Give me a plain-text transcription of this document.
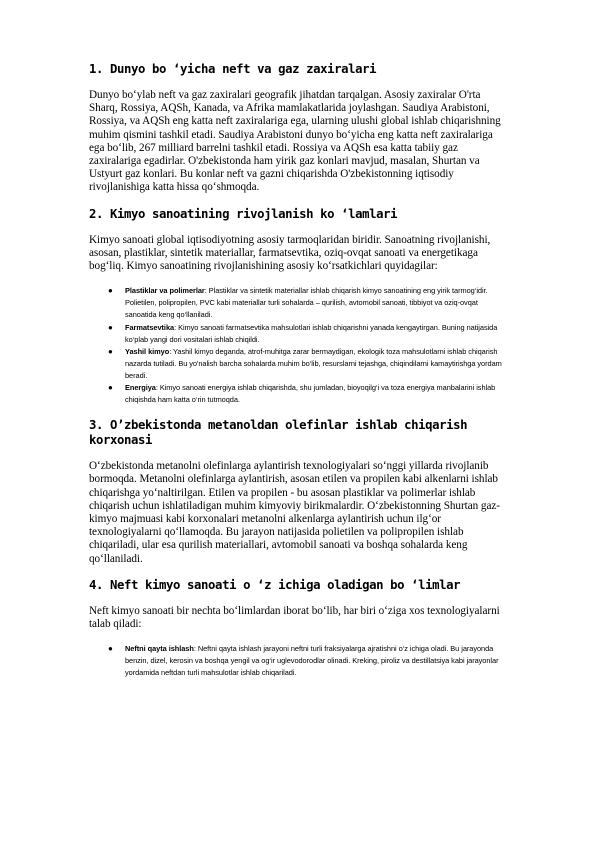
1. Dunyo bo ‘yicha neft va gaz zaxiralari

Dunyo bo‘ylab neft va gaz zaxiralari geografik jihatdan tarqalgan. Asosiy zaxiralar O'rta Sharq, Rossiya, AQSh, Kanada, va Afrika mamlakatlarida joylashgan. Saudiya Arabistoni, Rossiya, va AQSh eng katta neft zaxiralariga ega, ularning ulushi global ishlab chiqarishning muhim qismini tashkil etadi. Saudiya Arabistoni dunyo bo‘yicha eng katta neft zaxiralariga ega bo‘lib, 267 milliard barrelni tashkil etadi. Rossiya va AQSh esa katta tabiiy gaz zaxiralariga egadirlar. O'zbekistonda ham yirik gaz konlari mavjud, masalan, Shurtan va Ustyurt gaz konlari. Bu konlar neft va gazni chiqarishda O'zbekistonning iqtisodiy rivojlanishiga katta hissa qo‘shmoqda.

2. Kimyo sanoatining rivojlanish ko ‘lamlari

Kimyo sanoati global iqtisodiyotning asosiy tarmoqlaridan biridir. Sanoatning rivojlanishi, asosan, plastiklar, sintetik materiallar, farmatsevtika, oziq-ovqat sanoati va energetikaga bog‘liq. Kimyo sanoatining rivojlanishining asosiy ko‘rsatkichlari quyidagilar:

● Plastiklar va polimerlar: Plastiklar va sintetik materiallar ishlab chiqarish kimyo sanoatining eng yirik tarmog‘idir. Polietilen, polipropilen, PVC kabi materiallar turli sohalarda – qurilish, avtomobil sanoati, tibbiyot va oziq-ovqat sanoatida keng qo‘llaniladi.
● Farmatsevtika: Kimyo sanoati farmatsevtika mahsulotlari ishlab chiqarishni yanada kengaytirgan. Buning natijasida ko‘plab yangi dori vositalari ishlab chiqildi.
● Yashil kimyo: Yashil kimyo deganda, atrof-muhitga zarar bermaydigan, ekologik toza mahsulotlarni ishlab chiqarish nazarda tutiladi. Bu yo'nalish barcha sohalarda muhim bo‘lib, resurslarni tejashga, chiqindilarni kamaytirishga yordam beradi.
● Energiya: Kimyo sanoati energiya ishlab chiqarishda, shu jumladan, bioyoqilg‘i va toza energiya manbalarini ishlab chiqishda ham katta o‘rin tutmoqda.
3. O’zbekistonda metanoldan olefinlar ishlab chiqarish korxonasi

O‘zbekistonda metanolni olefinlarga aylantirish texnologiyalari so‘nggi yillarda rivojlanib bormoqda. Metanolni olefinlarga aylantirish, asosan etilen va propilen kabi alkenlarni ishlab chiqarishga yo‘naltirilgan. Etilen va propilen - bu asosan plastiklar va polimerlar ishlab chiqarish uchun ishlatiladigan muhim kimyoviy birikmalardir. O‘zbekistonning Shurtan gaz-kimyo majmuasi kabi korxonalari metanolni alkenlarga aylantirish uchun ilg‘or texnologiyalarni qo‘llamoqda. Bu jarayon natijasida polietilen va polipropilen ishlab chiqariladi, ular esa qurilish materiallari, avtomobil sanoati va boshqa sohalarda keng qo‘llaniladi.

4. Neft kimyo sanoati o ‘z ichiga oladigan bo ‘limlar

Neft kimyo sanoati bir nechta bo‘limlardan iborat bo‘lib, har biri o‘ziga xos texnologiyalarni talab qiladi:

● Neftni qayta ishlash: Neftni qayta ishlash jarayoni neftni turli fraksiyalarga ajratishni o‘z ichiga oladi. Bu jarayonda benzin, dizel, kerosin va boshqa yengil va og‘ir uglevodorodlar olinadi. Kreking, piroliz va destillatsiya kabi jarayonlar yordamida neftdan turli mahsulotlar ishlab chiqariladi.
